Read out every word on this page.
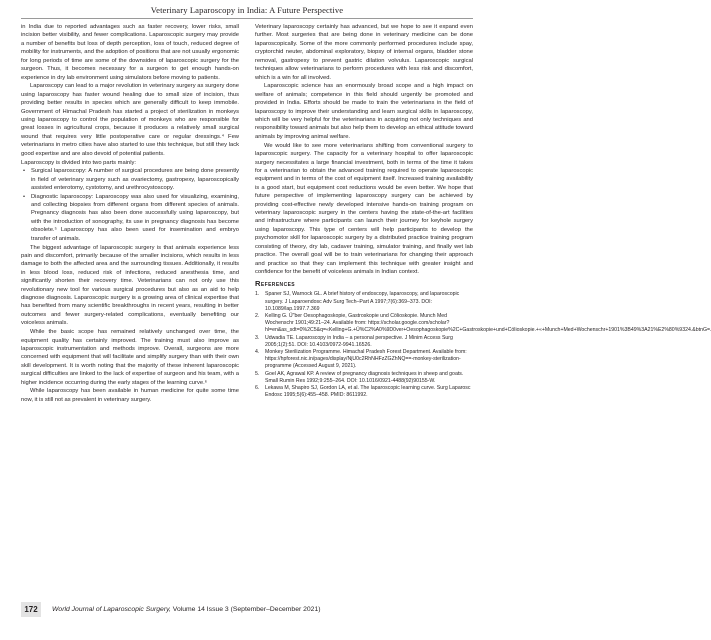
Veterinary Laparoscopy in India: A Future Perspective

in India due to reported advantages such as faster recovery, lower risks, small incision better visibility, and fewer complications. Laparoscopic surgery may provide a number of benefits but loss of depth perception, loss of touch, reduced degree of mobility for instruments, and the adoption of positions that are not usually ergonomic for long periods of time are some of the downsides of laparoscopic surgery for the surgeon. Thus, it becomes necessary for a surgeon to get enough hands-on experience in dry lab environment using simulators before moving to patients.

Laparoscopy can lead to a major revolution in veterinary surgery as surgery done using laparoscopy has faster wound healing due to small size of incision, thus providing better results in species which are generally difficult to keep immobile. Government of Himachal Pradesh has started a project of sterilization in monkeys using laparoscopy to control the population of monkeys who are responsible for great losses in agricultural crops, because it produces a relatively small surgical wound that requires very little postoperative care or regular dressings.⁴ Few veterinarians in metro cities have also started to use this technique, but still they lack good expertise and are also devoid of potential patients.

Laparoscopy is divided into two parts mainly:

• Surgical laparoscopy: A number of surgical procedures are being done presently in field of veterinary surgery such as ovariectomy, gastropexy, laparoscopically assisted enterotomy, cystotomy, and urethrocystoscopy.
• Diagnostic laparoscopy: Laparoscopy was also used for visualizing, examining, and collecting biopsies from different organs from different species of animals. Pregnancy diagnosis has also been done successfully using laparoscopy, but with the introduction of sonography, its use in pregnancy diagnosis has become obsolete.⁵ Laparoscopy has also been used for insemination and embryo transfer of animals.

The biggest advantage of laparoscopic surgery is that animals experience less pain and discomfort, primarily because of the smaller incisions, which results in less damage to both the affected area and the surrounding tissues. Additionally, it results in less blood loss, reduced risk of infections, reduced anesthesia time, and significantly shorten their recovery time. Veterinarians can not only use this revolutionary new tool for various surgical procedures but also as an aid to help diagnose diagnosis. Laparoscopic surgery is a growing area of clinical expertise that has benefited from many scientific breakthroughs in recent years, resulting in better outcomes and fewer surgery-related complications, eventually benefiting our voiceless animals.

While the basic scope has remained relatively unchanged over time, the equipment quality has certainly improved. The training must also improve as laparoscopic instrumentation and methods improve. Overall, surgeons are more concerned with equipment that will facilitate and simplify surgery than with their own skill development. It is worth noting that the majority of these inherent laparoscopic surgical difficulties are linked to the lack of expertise of surgeon and his team, with a higher incidence occurring during the early stages of the learning curve.⁶

While laparoscopy has been available in human medicine for quite some time now, it is still not as prevalent in veterinary surgery.

Veterinary laparoscopy certainly has advanced, but we hope to see it expand even further. Most surgeries that are being done in veterinary medicine can be done laparoscopically. Some of the more commonly performed procedures include spay, cryptorchid neuter, abdominal exploratory, biopsy of internal organs, bladder stone removal, gastropexy to prevent gastric dilation volvulus. Laparoscopic surgical techniques allow veterinarians to perform procedures with less risk and discomfort, which is a win for all involved.

Laparoscopic science has an enormously broad scope and a high impact on welfare of animals; competence in this field should urgently be promoted and provided in India. Efforts should be made to train the veterinarians in the field of laparoscopy to improve their understanding and learn surgical skills in laparoscopy, which will be very helpful for the veterinarians in acquiring not only techniques and responsibility toward animals but also help them to develop an ethical attitude toward animals by improving animal welfare.

We would like to see more veterinarians shifting from conventional surgery to laparoscopic surgery. The capacity for a veterinary hospital to offer laparoscopic surgery necessitates a large financial investment, both in terms of the time it takes for a veterinarian to obtain the advanced training required to operate laparoscopic equipment and in terms of the cost of equipment itself. Increased training availability is a good start, but equipment cost reductions would be even better. We hope that future perspective of implementing laparoscopy surgery can be achieved by providing cost-effective newly developed intensive hands-on training program on veterinary laparoscopic surgery in the centers having the state-of-the-art facilities and infrastructure where participants can launch their journey for keyhole surgery using laparoscopy. This type of centers will help participants to develop the psychomotor skill for laparoscopic surgery by a distributed practice training program consisting of theory, dry lab, cadaver training, simulator training, and finally wet lab practice. The overall goal will be to train veterinarians for changing their approach and practice so that they can implement this technique with greater insight and confidence for the benefit of voiceless animals in Indian context.

References
1. Spaner SJ, Warnock GL. A brief history of endoscopy, laparoscopy, and laparoscopic surgery. J Laparoendosc Adv Surg Tech–Part A 1997;7(6):369–373. DOI: 10.1089/lap.1997.7.369
2. Kelling G. Ü"ber Oesophagoskopie, Gastroskopie und Cölioskopie. Munch Med Wochenschr 1901;49:21–24. Available from: https://scholar.google.com/scholar?hl=en&as_sdt=0%2C5&q=«Kelling+G.+Ü%C2%A0%9D0ver+Oesophagoskopie%2C+Gastroskopie+und+Cölioskopie.+«+Munch+Med+Wochenschr+1901%3B49%3A21%E2%80%9324.&btnG=.
3. Udwadia TE. Laparoscopy in India – a personal perspective. J Minim Access Surg 2005;1(2):51. DOI: 10.4103/0972-9941.16526.
4. Monkey Sterilization Programme. Himachal Pradesh Forest Department. Available from: https://hpforest.nic.in/pages/display/NjU0c2RhNHFzZGZhNQ==-monkey-sterilization-programme (Accessed August 9, 2021).
5. Goel AK, Agrawal KP. A review of pregnancy diagnosis techniques in sheep and goats. Small Rumin Res 1992;9:255–264. DOI: 10.1016/0921-4488(92)90155-W.
6. Lekawa M, Shapiro SJ, Gordon LA, et al. The laparoscopic learning curve. Surg Laparosc Endosc 1995;5(6):455–458. PMID: 8611992.
172	World Journal of Laparoscopic Surgery, Volume 14 Issue 3 (September–December 2021)
